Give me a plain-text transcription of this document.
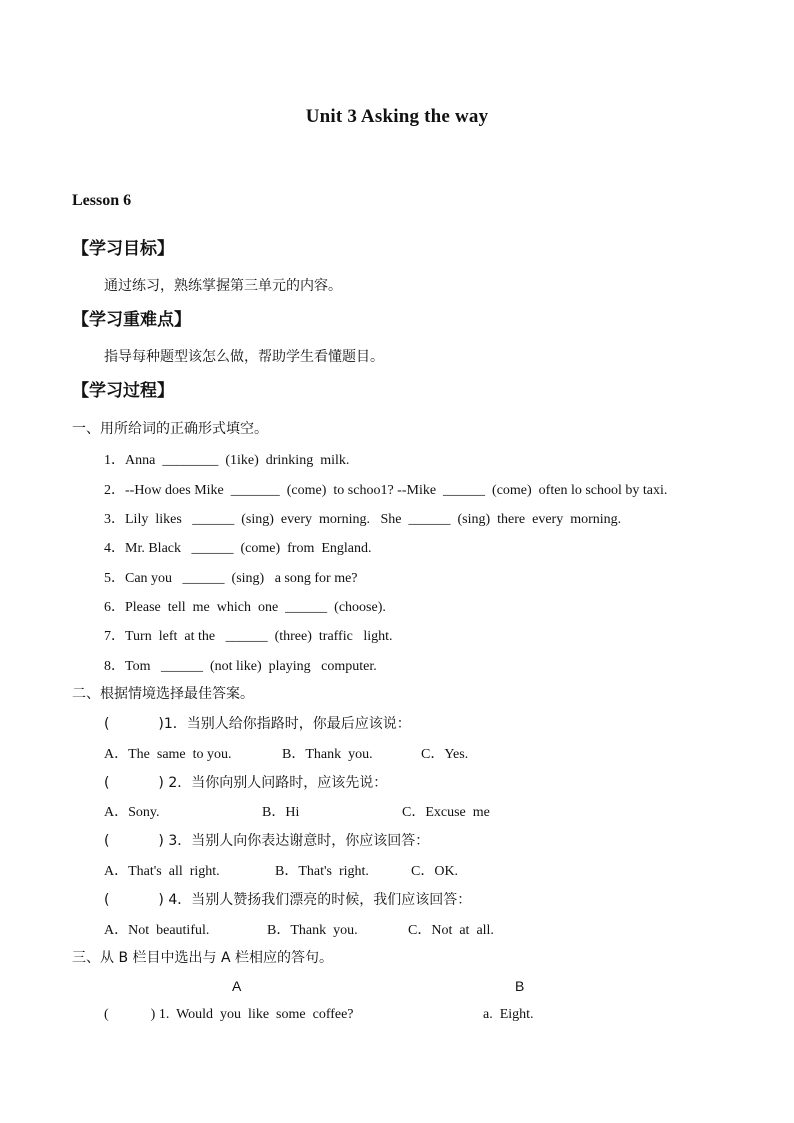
Unit 3 Asking the way
Lesson 6
【学习目标】
通过练习，熟练掌握第三单元的内容。
【学习重难点】
指导每种题型该怎么做，帮助学生看懂题目。
【学习过程】
一、用所给词的正确形式填空。
1．Anna  ________  (1ike)  drinking  milk.
2．--How does Mike  _______  (come)  to schoo1? --Mike  ______  (come)  often lo school by taxi.
3．Lily  likes   ______  (sing)  every  morning.   She  ______  (sing)  there  every  morning.
4．Mr. Black   ______  (come)  from  England.
5．Can you   ______  (sing)   a song for me?
6．Please  tell  me  which  one  ______  (choose).
7．Turn  left  at the   ______  (three)  traffic   light.
8．Tom   ______  (not like)  playing   computer.
二、根据情境选择最佳答案。
(           )1．当别人给你指路时，你最后应该说：
A．The  same  to you.	B．Thank  you.	C．Yes.
(           ) 2．当你向别人问路时，应该先说：
A．Sony.	B．Hi	C．Excuse  me
(           ) 3．当别人向你表达谢意时，你应该回答：
A．That's  all  right.	B．That's  right.	C．OK.
(           ) 4．当别人赞扬我们漂亮的时候，我们应该回答：
A．Not  beautiful.	B．Thank  you.	C．Not  at  all.
三、从 B 栏目中选出与 A 栏相应的答句。
A	B
(            ) 1.  Would  you  like  some  coffee?	a.  Eight.
